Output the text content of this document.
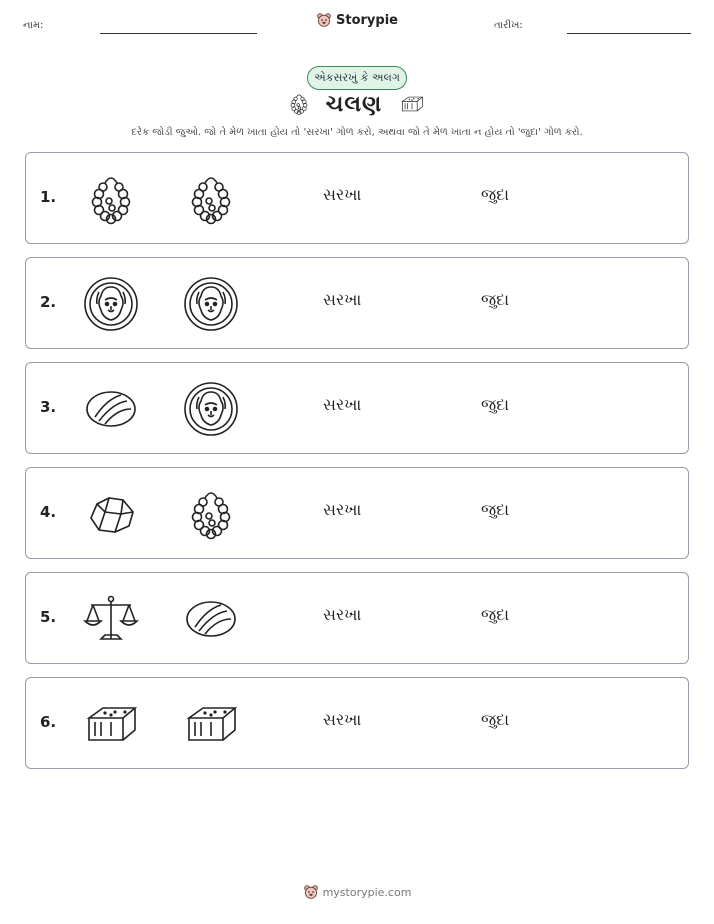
નામ:	Storypie	તારીખ:
એકસરખું કે અલગ
ચલણ
દરેક જોડી જુઓ. જો તે મેળ ખાતા હોય તો 'સરખા' ગોળ કરો, અથવા જો તે મેળ ખાતા ન હોય તો 'જુદા' ગોળ કરો.
1.	સરખા	જુદા
2.	સરખા	જુદા
3.	સરખા	જુદા
4.	સરખા	જુદા
5.	સરખા	જુદા
6.	સરખા	જુદા
mystorypie.com
